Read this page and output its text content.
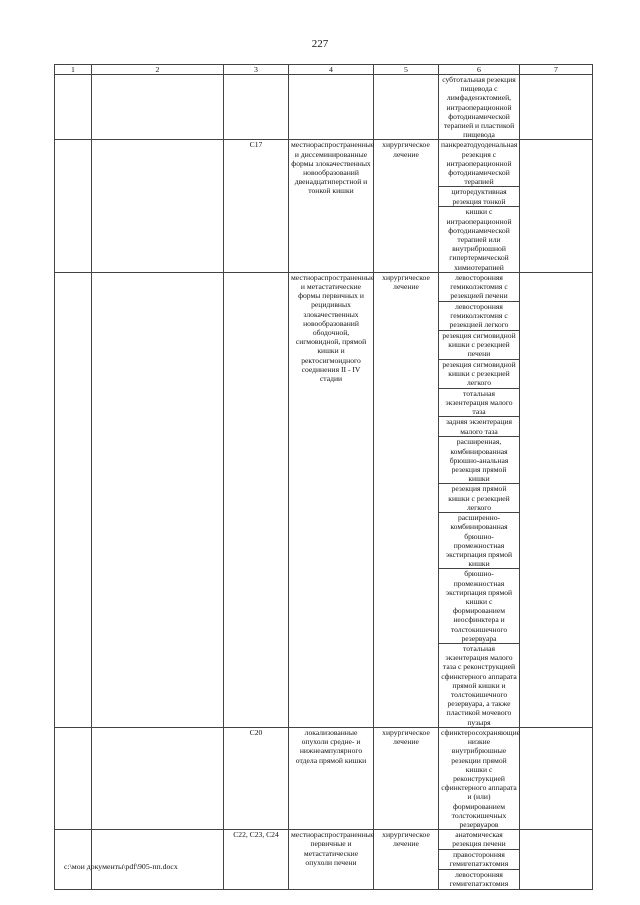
227
1	2	3	4	5	6	7
					субтотальная резекция пищевода с лимфаденэктомией, интраоперационной фотодинамической терапией и пластикой пищевода	
		C17	местнораспространенные и диссеминированные формы злокачественных новообразований двенадцатиперстной и тонкой кишки	хирургическое лечение	панкреатодуоденальная резекция с интраоперационной фотодинамической терапией	
					циторедуктивная резекция тонкой	
					кишки с интраоперационной фотодинамической терапией или внутрибрюшной гипертермической химиотерапией	
			местнораспространенные и метастатические формы первичных и рецидивных злокачественных новообразований ободочной, сигмовидной, прямой кишки и ректосигмоидного соединения II - IV стадии	хирургическое лечение	левосторонняя гемиколэктомия с резекцией печени	
					левосторонняя гемиколэктомия с резекцией легкого	
					резекция сигмовидной кишки с резекцией печени	
					резекция сигмовидной кишки с резекцией легкого	
					тотальная экзентерация малого таза	
					задняя экзентерация малого таза	
					расширенная, комбинированная брюшно-анальная резекция прямой кишки	
					резекция прямой кишки с резекцией легкого	
					расширенно-комбинированная брюшно-промежностная экстирпация прямой кишки	
					брюшно-промежностная экстирпация прямой кишки с формированием неосфинктера и толстокишечного резервуара	
					тотальная экзентерация малого таза с реконструкцией сфинктерного аппарата прямой кишки и толстокишечного резервуара, а также пластикой мочевого пузыря	
		C20	локализованные опухоли средне- и нижнеампулярного отдела прямой кишки	хирургическое лечение	сфинктеросохраняющие низкие внутрибрюшные резекции прямой кишки с реконструкцией сфинктерного аппарата и (или) формированием толстокишечных резервуаров	
		C22, C23, C24	местнораспространенные первичные и метастатические опухоли печени	хирургическое лечение	анатомическая резекция печени	
					правосторонняя гемигепатэктомия	
					левосторонняя гемигепатэктомия	
c:\мои документы\pdf\905-пп.docx
